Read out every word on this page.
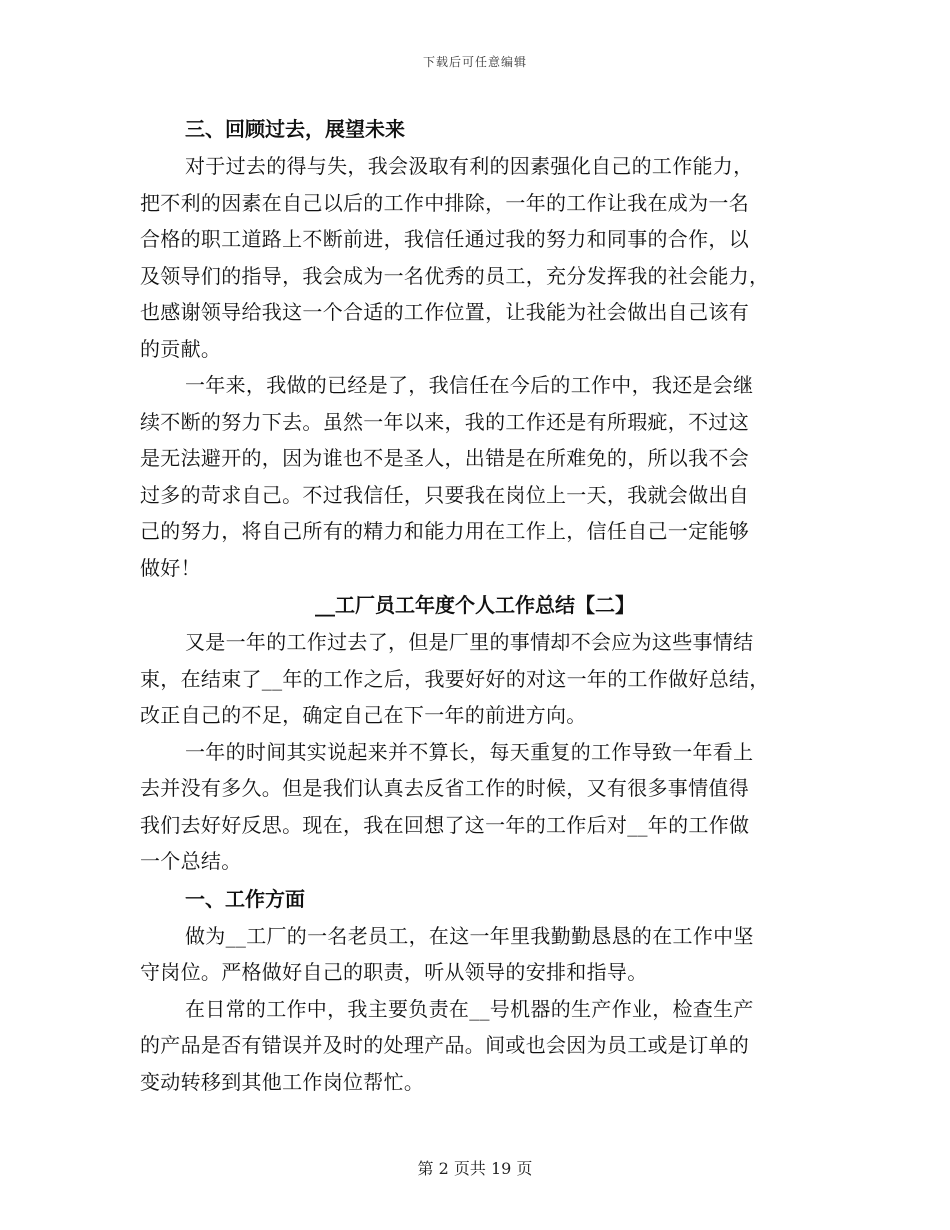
下载后可任意编辑
三、回顾过去，展望未来
对于过去的得与失，我会汲取有利的因素强化自己的工作能力，
把不利的因素在自己以后的工作中排除，一年的工作让我在成为一名
合格的职工道路上不断前进，我信任通过我的努力和同事的合作，以
及领导们的指导，我会成为一名优秀的员工，充分发挥我的社会能力，
也感谢领导给我这一个合适的工作位置，让我能为社会做出自己该有
的贡献。
一年来，我做的已经是了，我信任在今后的工作中，我还是会继
续不断的努力下去。虽然一年以来，我的工作还是有所瑕疵，不过这
是无法避开的，因为谁也不是圣人，出错是在所难免的，所以我不会
过多的苛求自己。不过我信任，只要我在岗位上一天，我就会做出自
己的努力，将自己所有的精力和能力用在工作上，信任自己一定能够
做好！
__工厂员工年度个人工作总结【二】
又是一年的工作过去了，但是厂里的事情却不会应为这些事情结
束，在结束了__年的工作之后，我要好好的对这一年的工作做好总结，
改正自己的不足，确定自己在下一年的前进方向。
一年的时间其实说起来并不算长，每天重复的工作导致一年看上
去并没有多久。但是我们认真去反省工作的时候，又有很多事情值得
我们去好好反思。现在，我在回想了这一年的工作后对__年的工作做
一个总结。
一、工作方面
做为__工厂的一名老员工，在这一年里我勤勤恳恳的在工作中坚
守岗位。严格做好自己的职责，听从领导的安排和指导。
在日常的工作中，我主要负责在__号机器的生产作业，检查生产
的产品是否有错误并及时的处理产品。间或也会因为员工或是订单的
变动转移到其他工作岗位帮忙。
第 2 页共 19 页
